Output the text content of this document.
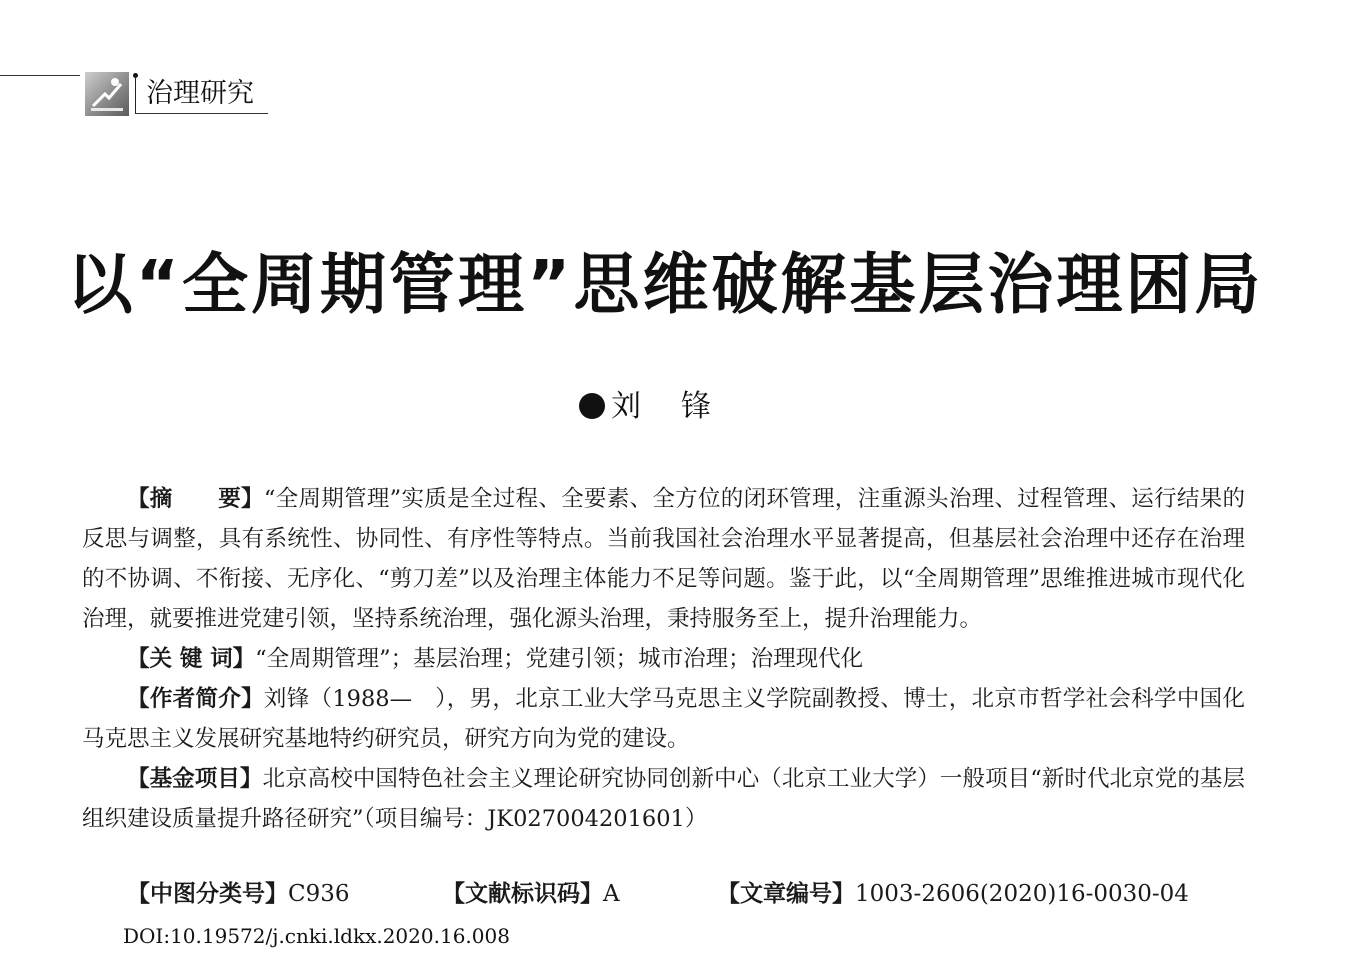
治理研究
以“全周期管理”思维破解基层治理困局
刘锋

【摘　　要】“全周期管理”实质是全过程、全要素、全方位的闭环管理，注重源头治理、过程管理、运行结果的反思与调整，具有系统性、协同性、有序性等特点。当前我国社会治理水平显著提高，但基层社会治理中还存在治理的不协调、不衔接、无序化、“剪刀差”以及治理主体能力不足等问题。鉴于此，以“全周期管理”思维推进城市现代化治理，就要推进党建引领，坚持系统治理，强化源头治理，秉持服务至上，提升治理能力。

【关 键 词】“全周期管理”；基层治理；党建引领；城市治理；治理现代化

【作者简介】刘锋（1988—　），男，北京工业大学马克思主义学院副教授、博士，北京市哲学社会科学中国化马克思主义发展研究基地特约研究员，研究方向为党的建设。

【基金项目】北京高校中国特色社会主义理论研究协同创新中心（北京工业大学）一般项目“新时代北京党的基层组织建设质量提升路径研究”（项目编号：JK027004201601）

【中图分类号】C936	【文献标识码】A	【文章编号】1003-2606(2020)16-0030-04
DOI:10.19572/j.cnki.ldkx.2020.16.008
